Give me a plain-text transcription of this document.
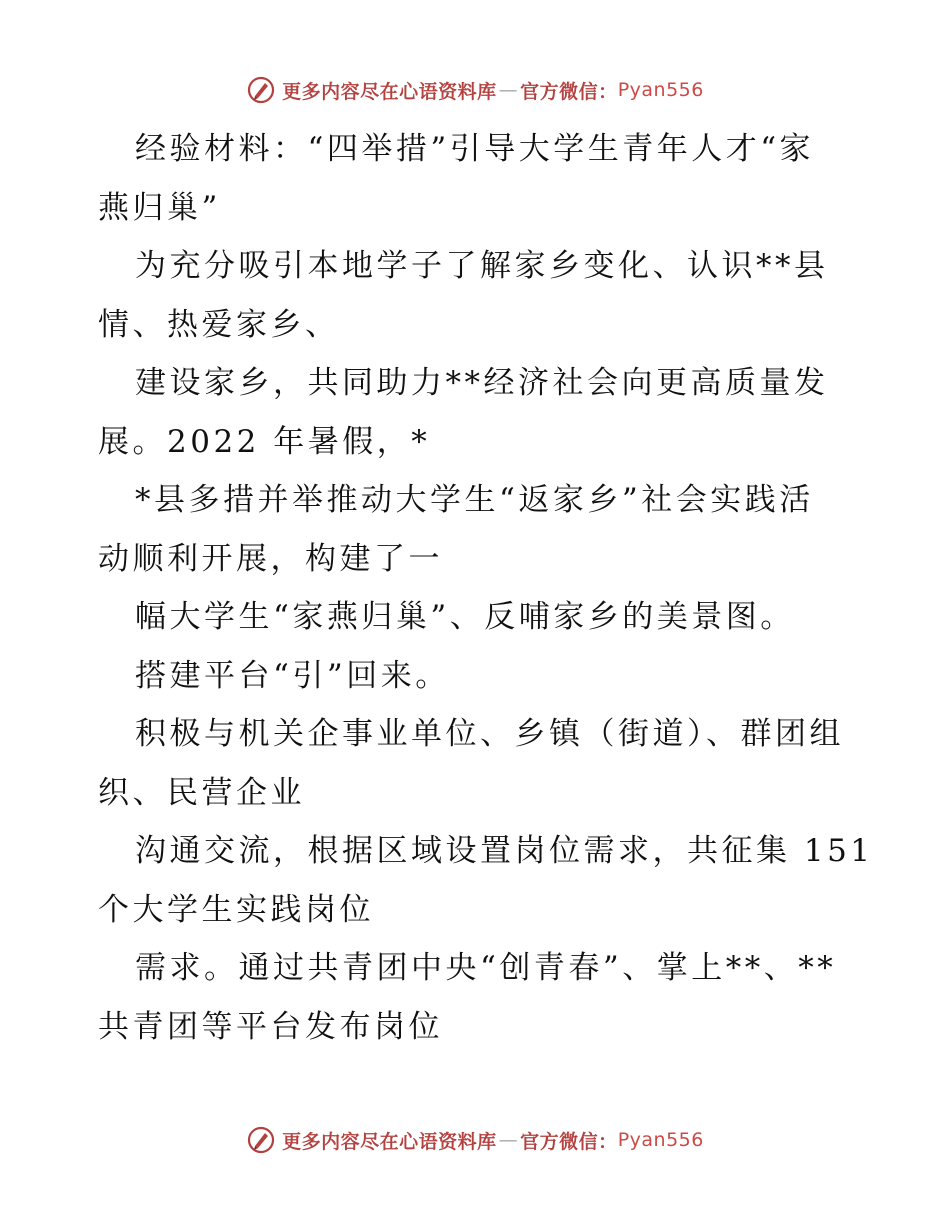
更多内容尽在心语资料库 — 官方微信： Pyan556
经验材料：“四举措”引导大学生青年人才“家
燕归巢”
为充分吸引本地学子了解家乡变化、认识**县
情、热爱家乡、
建设家乡，共同助力**经济社会向更高质量发
展。2022 年暑假，*
*县多措并举推动大学生“返家乡”社会实践活
动顺利开展，构建了一
幅大学生“家燕归巢”、反哺家乡的美景图。
搭建平台“引”回来。
积极与机关企事业单位、乡镇（街道）、群团组
织、民营企业
沟通交流，根据区域设置岗位需求，共征集 151
个大学生实践岗位
需求。通过共青团中央“创青春”、掌上**、**
共青团等平台发布岗位
更多内容尽在心语资料库 — 官方微信： Pyan556
